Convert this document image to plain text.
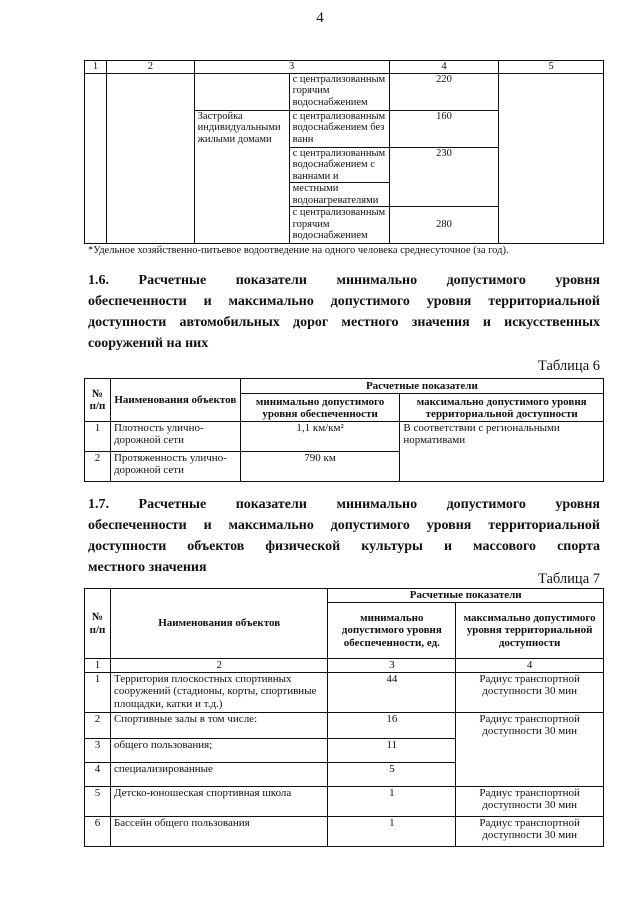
4
1	2	3		4	5
			с централизованным горячим водоснабжением	220	
		Застройка индивидуальными жилыми домами	с централизованным водоснабжением без ванн	160	
			с централизованным водоснабжением с ваннами и	230	
			местными водонагревателями		
			с централизованным горячим водоснабжением	280	
*Удельное хозяйственно-питьевое водоотведение на одного человека среднесуточное (за год).
1.6. Расчетные показатели минимально допустимого уровня
обеспеченности и максимально допустимого уровня территориальной
доступности автомобильных дорог местного значения и искусственных
сооружений на них
Таблица 6
№ п/п	Наименования объектов	Расчетные показатели	
		минимально допустимого уровня обеспеченности	максимально допустимого уровня территориальной доступности
1	Плотность улично-дорожной сети	1,1 км/км²	В соответствии с региональными нормативами
2	Протяженность улично-дорожной сети	790 км	
1.7. Расчетные показатели минимально допустимого уровня
обеспеченности и максимально допустимого уровня территориальной
доступности объектов физической культуры и массового спорта
местного значения
Таблица 7
№ п/п	Наименования объектов	Расчетные показатели	
		минимально допустимого уровня обеспеченности, ед.	максимально допустимого уровня территориальной доступности
1	2	3	4
1	Территория плоскостных спортивных сооружений (стадионы, корты, спортивные площадки, катки и т.д.)	44	Радиус транспортной доступности 30 мин
2	Спортивные залы в том числе:	16	Радиус транспортной доступности 30 мин
3	общего пользования;	11	
4	специализированные	5	
5	Детско-юношеская спортивная школа	1	Радиус транспортной доступности 30 мин
6	Бассейн общего пользования	1	Радиус транспортной доступности 30 мин
